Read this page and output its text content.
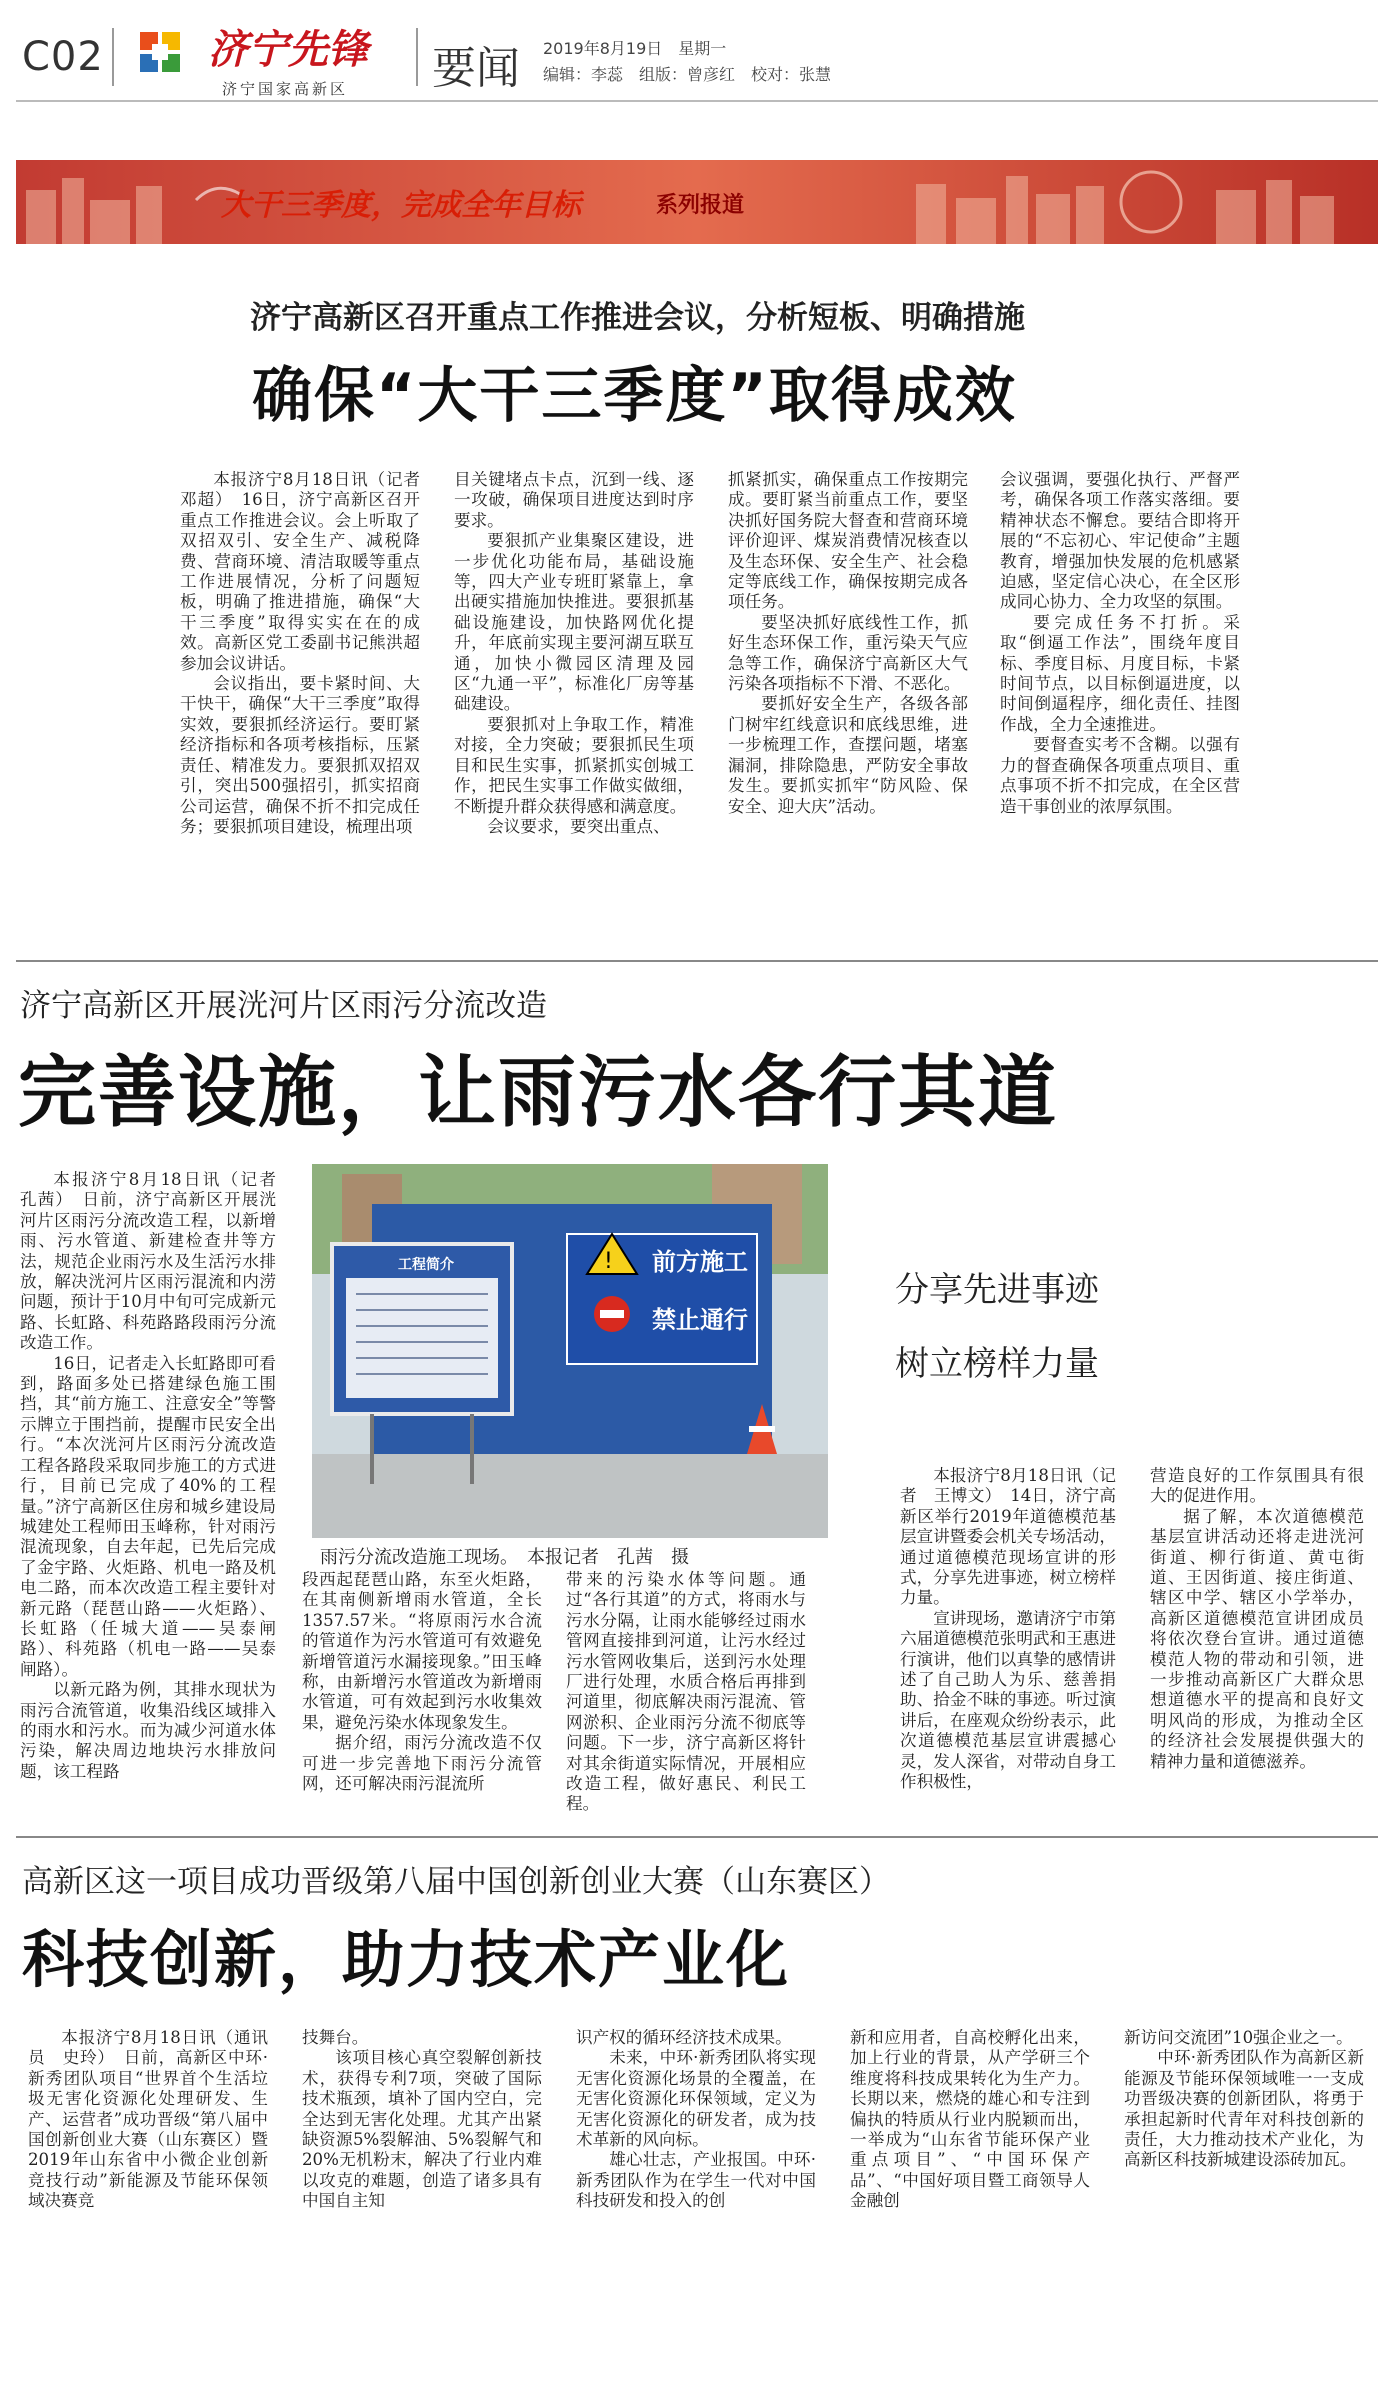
C02	济宁先锋
济宁国家高新区 要闻 2019年8月19日　星期一
编辑：李蕊　组版：曾彦红　校对：张慧
大干三季度，完成全年目标	系列报道
济宁高新区召开重点工作推进会议，分析短板、明确措施
确保“大干三季度”取得成效

本报济宁8月18日讯（记者　邓超）　16日，济宁高新区召开重点工作推进会议。会上听取了双招双引、安全生产、减税降费、营商环境、清洁取暖等重点工作进展情况，分析了问题短板，明确了推进措施，确保“大干三季度”取得实实在在的成效。高新区党工委副书记熊洪超参加会议讲话。

会议指出，要卡紧时间、大干快干，确保“大干三季度”取得实效，要狠抓经济运行。要盯紧经济指标和各项考核指标，压紧责任、精准发力。要狠抓双招双引，突出500强招引，抓实招商公司运营，确保不折不扣完成任务；要狠抓项目建设，梳理出项

目关键堵点卡点，沉到一线、逐一攻破，确保项目进度达到时序要求。

要狠抓产业集聚区建设，进一步优化功能布局，基础设施等，四大产业专班盯紧靠上，拿出硬实措施加快推进。要狠抓基础设施建设，加快路网优化提升，年底前实现主要河湖互联互通，加快小微园区清理及园区“九通一平”，标准化厂房等基础建设。

要狠抓对上争取工作，精准对接，全力突破；要狠抓民生项目和民生实事，抓紧抓实创城工作，把民生实事工作做实做细，不断提升群众获得感和满意度。

会议要求，要突出重点、

抓紧抓实，确保重点工作按期完成。要盯紧当前重点工作，要坚决抓好国务院大督查和营商环境评价迎评、煤炭消费情况核查以及生态环保、安全生产、社会稳定等底线工作，确保按期完成各项任务。

要坚决抓好底线性工作，抓好生态环保工作，重污染天气应急等工作，确保济宁高新区大气污染各项指标不下滑、不恶化。

要抓好安全生产，各级各部门树牢红线意识和底线思维，进一步梳理工作，查摆问题，堵塞漏洞，排除隐患，严防安全事故发生。要抓实抓牢“防风险、保安全、迎大庆”活动。

会议强调，要强化执行、严督严考，确保各项工作落实落细。要精神状态不懈怠。要结合即将开展的“不忘初心、牢记使命”主题教育，增强加快发展的危机感紧迫感，坚定信心决心，在全区形成同心协力、全力攻坚的氛围。

要完成任务不打折。采取“倒逼工作法”，围绕年度目标、季度目标、月度目标，卡紧时间节点，以目标倒逼进度，以时间倒逼程序，细化责任、挂图作战，全力全速推进。

要督查实考不含糊。以强有力的督查确保各项重点项目、重点事项不折不扣完成，在全区营造干事创业的浓厚氛围。

济宁高新区开展洸河片区雨污分流改造
完善设施，让雨污水各行其道

本报济宁8月18日讯（记者　孔茜）　日前，济宁高新区开展洸河片区雨污分流改造工程，以新增雨、污水管道、新建检查井等方法，规范企业雨污水及生活污水排放，解决洸河片区雨污混流和内涝问题，预计于10月中旬可完成新元路、长虹路、科苑路路段雨污分流改造工作。

16日，记者走入长虹路即可看到，路面多处已搭建绿色施工围挡，其“前方施工、注意安全”等警示牌立于围挡前，提醒市民安全出行。“本次洸河片区雨污分流改造工程各路段采取同步施工的方式进行，目前已完成了40%的工程量。”济宁高新区住房和城乡建设局城建处工程师田玉峰称，针对雨污混流现象，自去年起，已先后完成了金宇路、火炬路、机电一路及机电二路，而本次改造工程主要针对新元路（琵琶山路——火炬路）、长虹路（任城大道——吴泰闸路）、科苑路（机电一路——吴泰闸路）。

以新元路为例，其排水现状为雨污合流管道，收集沿线区域排入的雨水和污水。而为减少河道水体污染，解决周边地块污水排放问题，该工程路

!
工程简介	前方施工
禁止通行
雨污分流改造施工现场。　本报记者　孔茜　摄

段西起琵琶山路，东至火炬路，在其南侧新增雨水管道，全长1357.57米。“将原雨污水合流的管道作为污水管道可有效避免新增管道污水漏接现象。”田玉峰称，由新增污水管道改为新增雨水管道，可有效起到污水收集效果，避免污染水体现象发生。

据介绍，雨污分流改造不仅可进一步完善地下雨污分流管网，还可解决雨污混流所

带来的污染水体等问题。通过“各行其道”的方式，将雨水与污水分隔，让雨水能够经过雨水管网直接排到河道，让污水经过污水管网收集后，送到污水处理厂进行处理，水质合格后再排到河道里，彻底解决雨污混流、管网淤积、企业雨污分流不彻底等问题。下一步，济宁高新区将针对其余街道实际情况，开展相应改造工程，做好惠民、利民工程。

分享先进事迹
树立榜样力量

本报济宁8月18日讯（记者　王博文）　14日，济宁高新区举行2019年道德模范基层宣讲暨委会机关专场活动，通过道德模范现场宣讲的形式，分享先进事迹，树立榜样力量。

宣讲现场，邀请济宁市第六届道德模范张明武和王惠进行演讲，他们以真挚的感情讲述了自己助人为乐、慈善捐助、拾金不昧的事迹。听过演讲后，在座观众纷纷表示，此次道德模范基层宣讲震撼心灵，发人深省，对带动自身工作积极性，

营造良好的工作氛围具有很大的促进作用。

据了解，本次道德模范基层宣讲活动还将走进洸河街道、柳行街道、黄屯街道、王因街道、接庄街道、辖区中学、辖区小学举办，高新区道德模范宣讲团成员将依次登台宣讲。通过道德模范人物的带动和引领，进一步推动高新区广大群众思想道德水平的提高和良好文明风尚的形成，为推动全区的经济社会发展提供强大的精神力量和道德滋养。

高新区这一项目成功晋级第八届中国创新创业大赛（山东赛区）
科技创新，助力技术产业化

本报济宁8月18日讯（通讯员　史玲）　日前，高新区中环·新秀团队项目“世界首个生活垃圾无害化资源化处理研发、生产、运营者”成功晋级“第八届中国创新创业大赛（山东赛区）暨2019年山东省中小微企业创新竞技行动”新能源及节能环保领域决赛竞

技舞台。

该项目核心真空裂解创新技术，获得专利7项，突破了国际技术瓶颈，填补了国内空白，完全达到无害化处理。尤其产出紧缺资源5%裂解油、5%裂解气和20%无机粉末，解决了行业内难以攻克的难题，创造了诸多具有中国自主知

识产权的循环经济技术成果。

未来，中环·新秀团队将实现无害化资源化场景的全覆盖，在无害化资源化环保领域，定义为无害化资源化的研发者，成为技术革新的风向标。

雄心壮志，产业报国。中环·新秀团队作为在学生一代对中国科技研发和投入的创

新和应用者，自高校孵化出来，加上行业的背景，从产学研三个维度将科技成果转化为生产力。长期以来，燃烧的雄心和专注到偏执的特质从行业内脱颖而出，一举成为“山东省节能环保产业重点项目”、“中国环保产品”、“中国好项目暨工商领导人金融创

新访问交流团”10强企业之一。

中环·新秀团队作为高新区新能源及节能环保领域唯一一支成功晋级决赛的创新团队，将勇于承担起新时代青年对科技创新的责任，大力推动技术产业化，为高新区科技新城建设添砖加瓦。
